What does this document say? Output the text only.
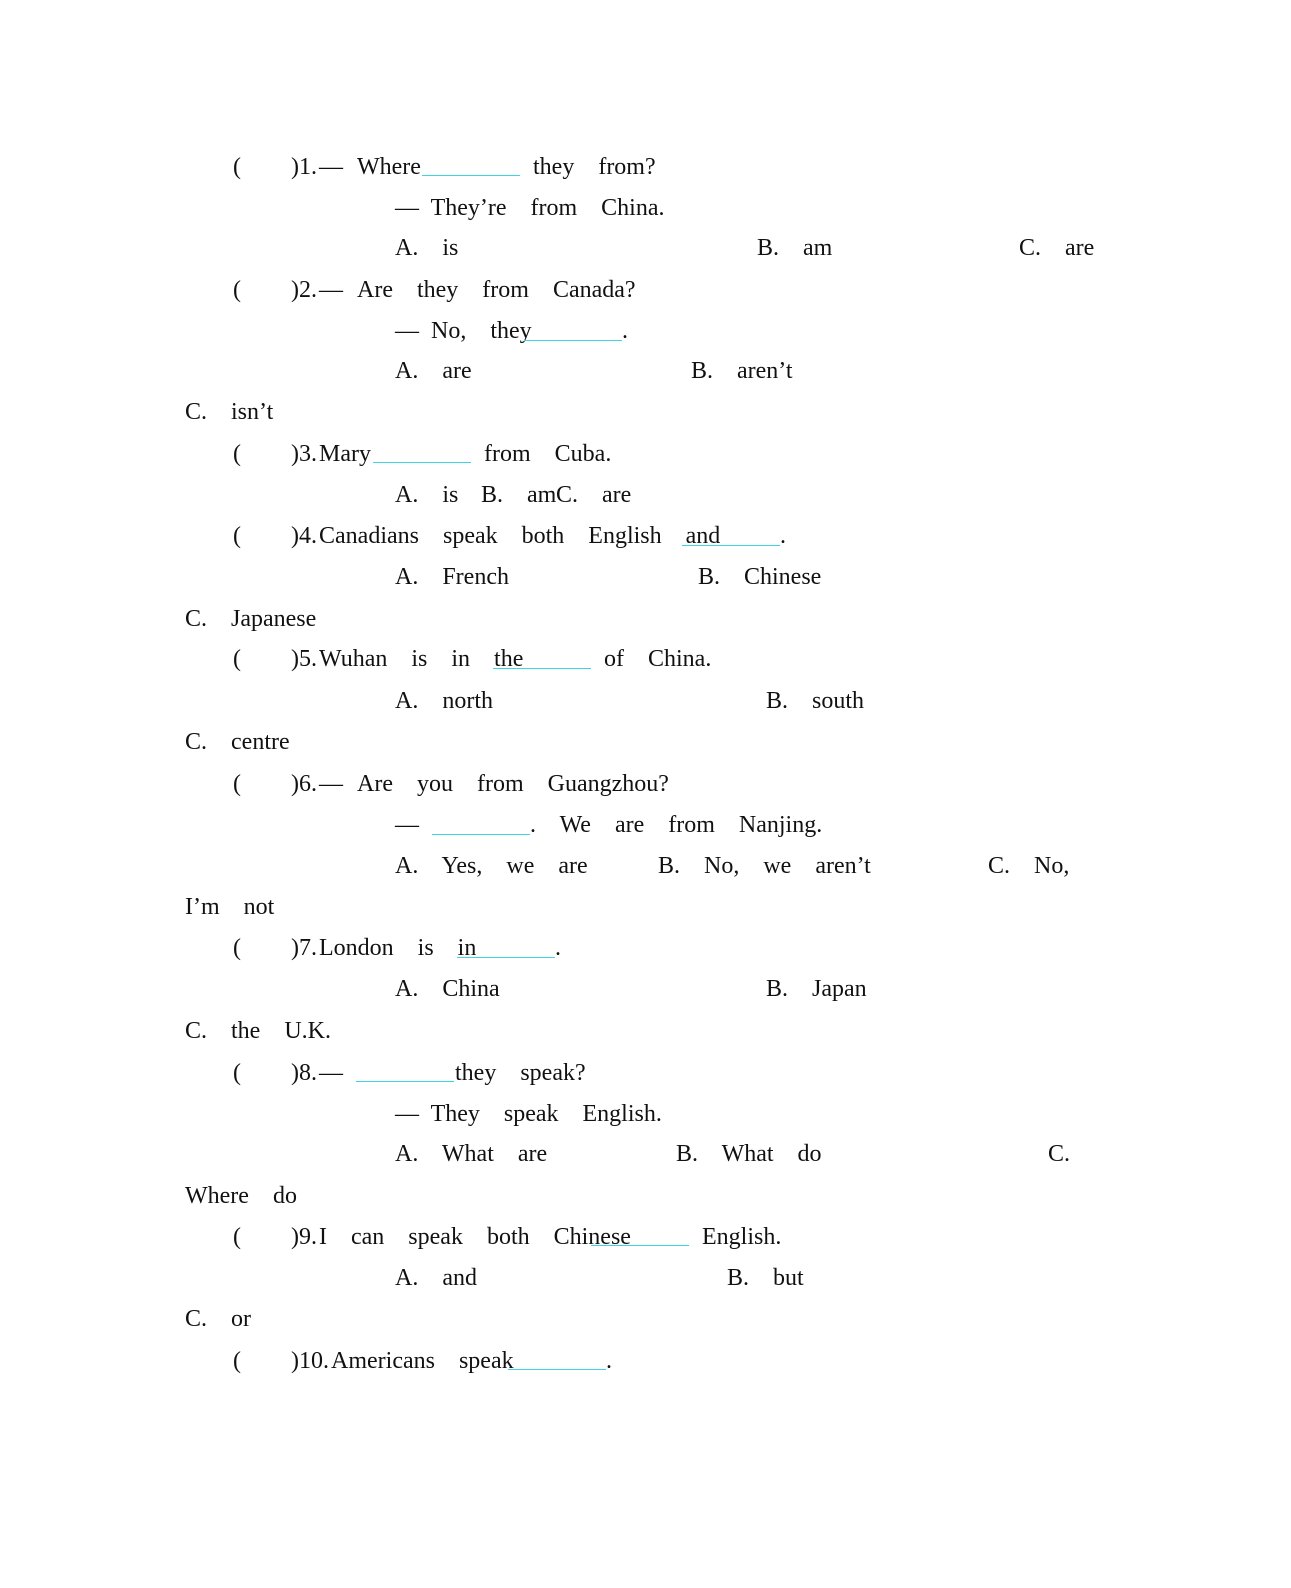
( )1. — Where	they  from?
— They’re  from  China.
A.  is	B.  am	C.  are
( )2. — Are  they  from  Canada?
— No,  they	.
A.  are	B.  aren’t
C.  isn’t
( )3. Mary	from  Cuba.
A.  is B.  am C.  are
( )4. Canadians  speak  both  English  and .
A.  French	B.  Chinese
C.  Japanese
( )5. Wuhan  is  in  the	of  China.
A.  north	B.  south
C.  centre
( )6. — Are  you  from  Guangzhou?
—	.  We  are  from  Nanjing.
A.  Yes,  we  are	B.  No,  we  aren’t	C.  No,
I’m  not
( )7. London  is  in	.
A.  China	B.  Japan
C.  the  U.K.
( )8. —	they  speak?
— They  speak  English.
A.  What  are	B.  What  do	C.
Where  do
( )9. I  can  speak  both  Chinese	English.
A.  and	B.  but
C.  or
( )10. Americans  speak	.
